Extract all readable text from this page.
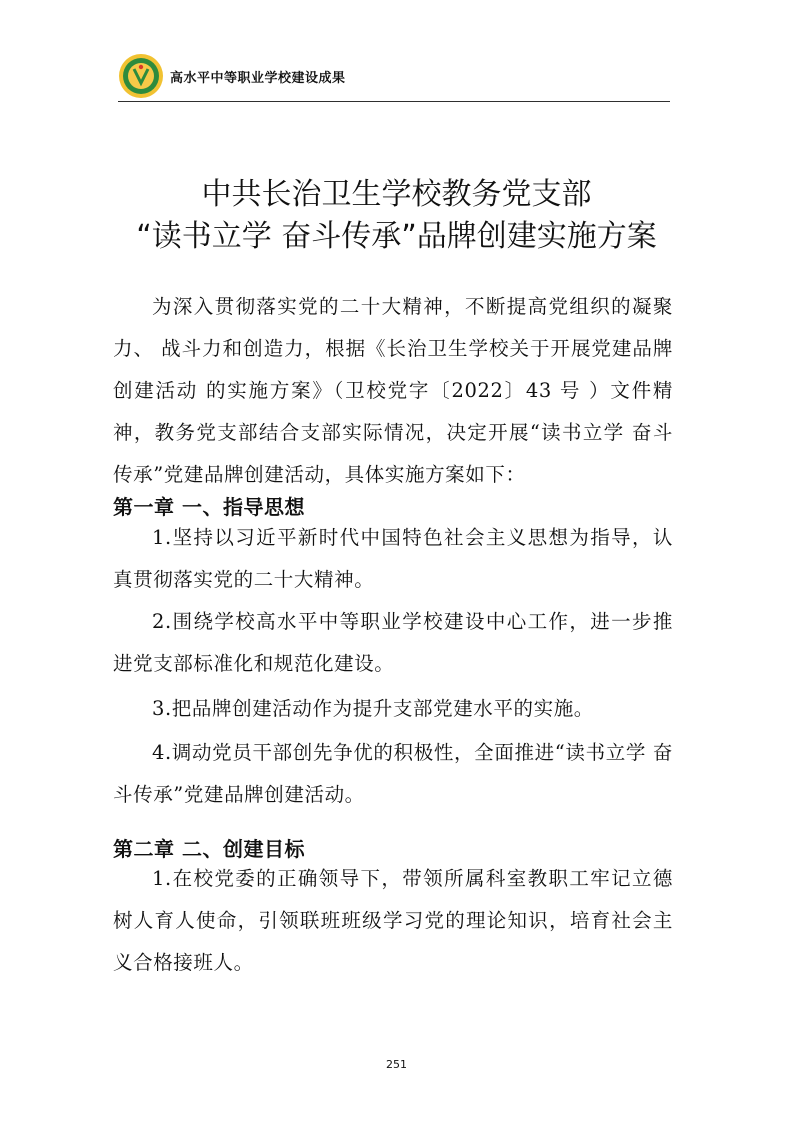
高水平中等职业学校建设成果
中共长治卫生学校教务党支部
“读书立学 奋斗传承”品牌创建实施方案

为深入贯彻落实党的二十大精神，不断提高党组织的凝聚力、 战斗力和创造力，根据《长治卫生学校关于开展党建品牌创建活动 的实施方案》（卫校党字〔2022〕43 号 ）文件精神，教务党支部结合支部实际情况，决定开展“读书立学 奋斗传承”党建品牌创建活动，具体实施方案如下：

第一章 一、指导思想

1.坚持以习近平新时代中国特色社会主义思想为指导，认真贯彻落实党的二十大精神。

2.围绕学校高水平中等职业学校建设中心工作，进一步推进党支部标准化和规范化建设。

3.把品牌创建活动作为提升支部党建水平的实施。

4.调动党员干部创先争优的积极性，全面推进“读书立学 奋斗传承”党建品牌创建活动。

第二章 二、创建目标

1.在校党委的正确领导下，带领所属科室教职工牢记立德树人育人使命，引领联班班级学习党的理论知识，培育社会主义合格接班人。

251
